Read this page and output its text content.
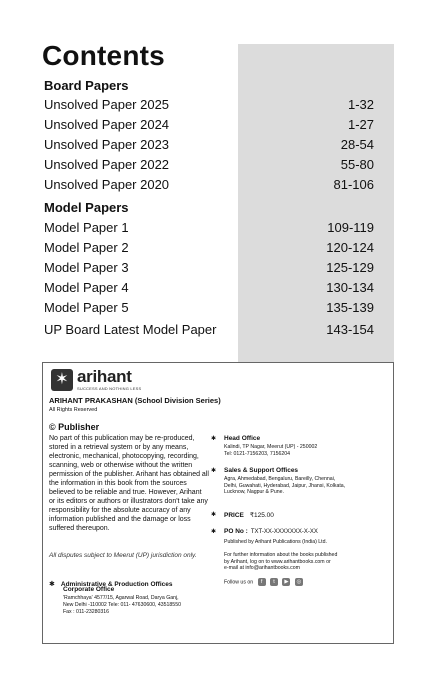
Contents
Board Papers
Unsolved Paper 2025	1-32
Unsolved Paper 2024	1-27
Unsolved Paper 2023	28-54
Unsolved Paper 2022	55-80
Unsolved Paper 2020	81-106
Model Papers
Model Paper 1	109-119
Model Paper 2	120-124
Model Paper 3	125-129
Model Paper 4	130-134
Model Paper 5	135-139
UP Board Latest Model Paper	143-154
✶ arihant
SUCCESS AND NOTHING LESS
ARIHANT PRAKASHAN (School Division Series)
All Rights Reserved
© Publisher
No part of this publication may be re-produced, stored in a retrieval system or by any means, electronic, mechanical, photocopying, recording, scanning, web or otherwise without the written permission of the publisher. Arihant has obtained all the information in this book from the sources believed to be reliable and true. However, Arihant or its editors or authors or illustrators don't take any responsibility for the absolute accuracy of any information published and the damage or loss suffered thereupon.
All disputes subject to Meerut (UP) jurisdiction only.
✱ Administrative & Production Offices
Corporate Office
'Ramchhaya' 4577/15, Agarwal Road, Darya Ganj,
New Delhi -110002 Tele: 011- 47630600, 43518550
Fax : 011-23280316
✱ Head Office
Kalindi, TP Nagar, Meerut (UP) - 250002
Tel: 0121-7156203, 7156204
✱ Sales & Support Offices
Agra, Ahmedabad, Bengaluru, Bareilly, Chennai,
Delhi, Guwahati, Hyderabad, Jaipur, Jhansi, Kolkata,
Lucknow, Nagpur & Pune.
✱ PRICE ₹125.00
✱ PO No : TXT-XX-XXXXXXX-X-XX
Published by Arihant Publications (India) Ltd.
For further information about the books published
by Arihant, log on to www.arihantbooks.com or
e-mail at info@arihantbooks.com
Follow us on f t ▶ ◎
